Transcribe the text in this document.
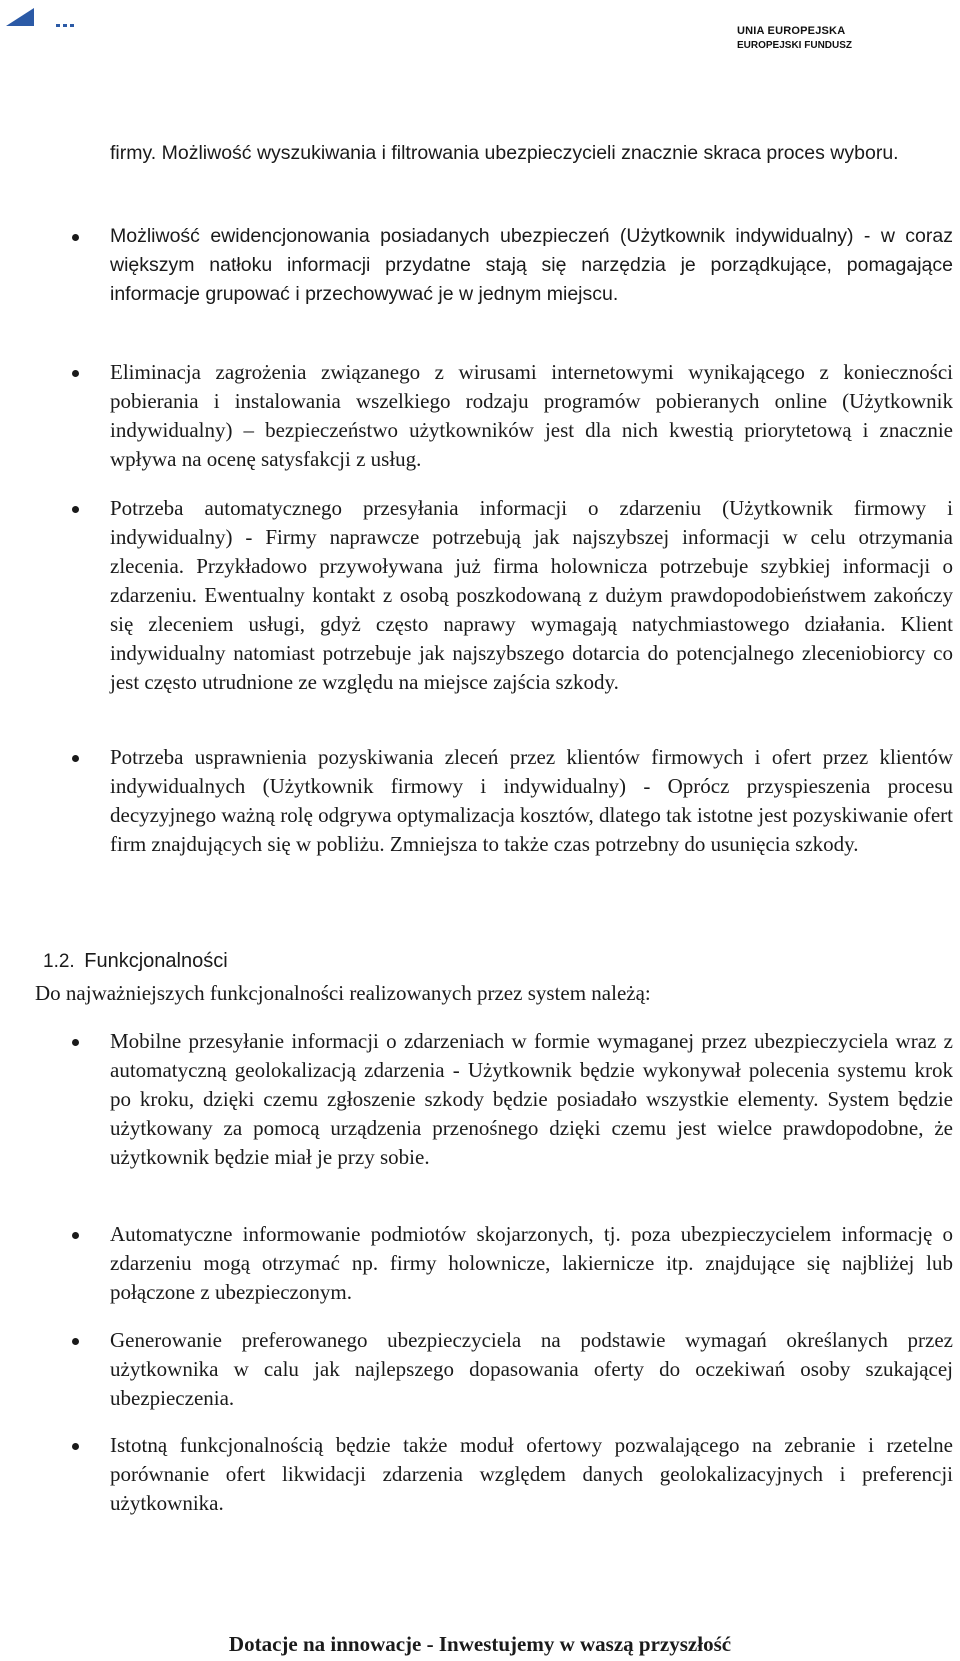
UNIA EUROPEJSKA
EUROPEJSKI FUNDUSZ
firmy. Możliwość wyszukiwania i filtrowania ubezpieczycieli znacznie skraca proces wyboru.
Możliwość ewidencjonowania posiadanych ubezpieczeń (Użytkownik indywidualny) - w coraz większym natłoku informacji przydatne stają się narzędzia je porządkujące, pomagające informacje grupować i przechowywać je w jednym miejscu.
Eliminacja zagrożenia związanego z wirusami internetowymi wynikającego z konieczności pobierania i instalowania wszelkiego rodzaju programów pobieranych online (Użytkownik indywidualny) – bezpieczeństwo użytkowników jest dla nich kwestią priorytetową i znacznie wpływa na ocenę satysfakcji z usług.
Potrzeba automatycznego przesyłania informacji o zdarzeniu (Użytkownik firmowy i indywidualny) - Firmy naprawcze potrzebują jak najszybszej informacji w celu otrzymania zlecenia. Przykładowo przywoływana już firma holownicza potrzebuje szybkiej informacji o zdarzeniu. Ewentualny kontakt z osobą poszkodowaną z dużym prawdopodobieństwem zakończy się zleceniem usługi, gdyż często naprawy wymagają natychmiastowego działania. Klient indywidualny natomiast potrzebuje jak najszybszego dotarcia do potencjalnego zleceniobiorcy co jest często utrudnione ze względu na miejsce zajścia szkody.
Potrzeba usprawnienia pozyskiwania zleceń przez klientów firmowych i ofert przez klientów indywidualnych (Użytkownik firmowy i indywidualny) - Oprócz przyspieszenia procesu decyzyjnego ważną rolę odgrywa optymalizacja kosztów, dlatego tak istotne jest pozyskiwanie ofert firm znajdujących się w pobliżu. Zmniejsza to także czas potrzebny do usunięcia szkody.
1.2. Funkcjonalności
Do najważniejszych funkcjonalności realizowanych przez system należą:
Mobilne przesyłanie informacji o zdarzeniach w formie wymaganej przez ubezpieczyciela wraz z automatyczną geolokalizacją zdarzenia - Użytkownik będzie wykonywał polecenia systemu krok po kroku, dzięki czemu zgłoszenie szkody będzie posiadało wszystkie elementy. System będzie użytkowany za pomocą urządzenia przenośnego dzięki czemu jest wielce prawdopodobne, że użytkownik będzie miał je przy sobie.
Automatyczne informowanie podmiotów skojarzonych, tj. poza ubezpieczycielem informację o zdarzeniu mogą otrzymać np. firmy holownicze, lakiernicze itp. znajdujące się najbliżej lub połączone z ubezpieczonym.
Generowanie preferowanego ubezpieczyciela na podstawie wymagań określanych przez użytkownika w calu jak najlepszego dopasowania oferty do oczekiwań osoby szukającej ubezpieczenia.
Istotną funkcjonalnością będzie także moduł ofertowy pozwalającego na zebranie i rzetelne porównanie ofert likwidacji zdarzenia względem danych geolokalizacyjnych i preferencji użytkownika.
Dotacje na innowacje - Inwestujemy w waszą przyszłość
